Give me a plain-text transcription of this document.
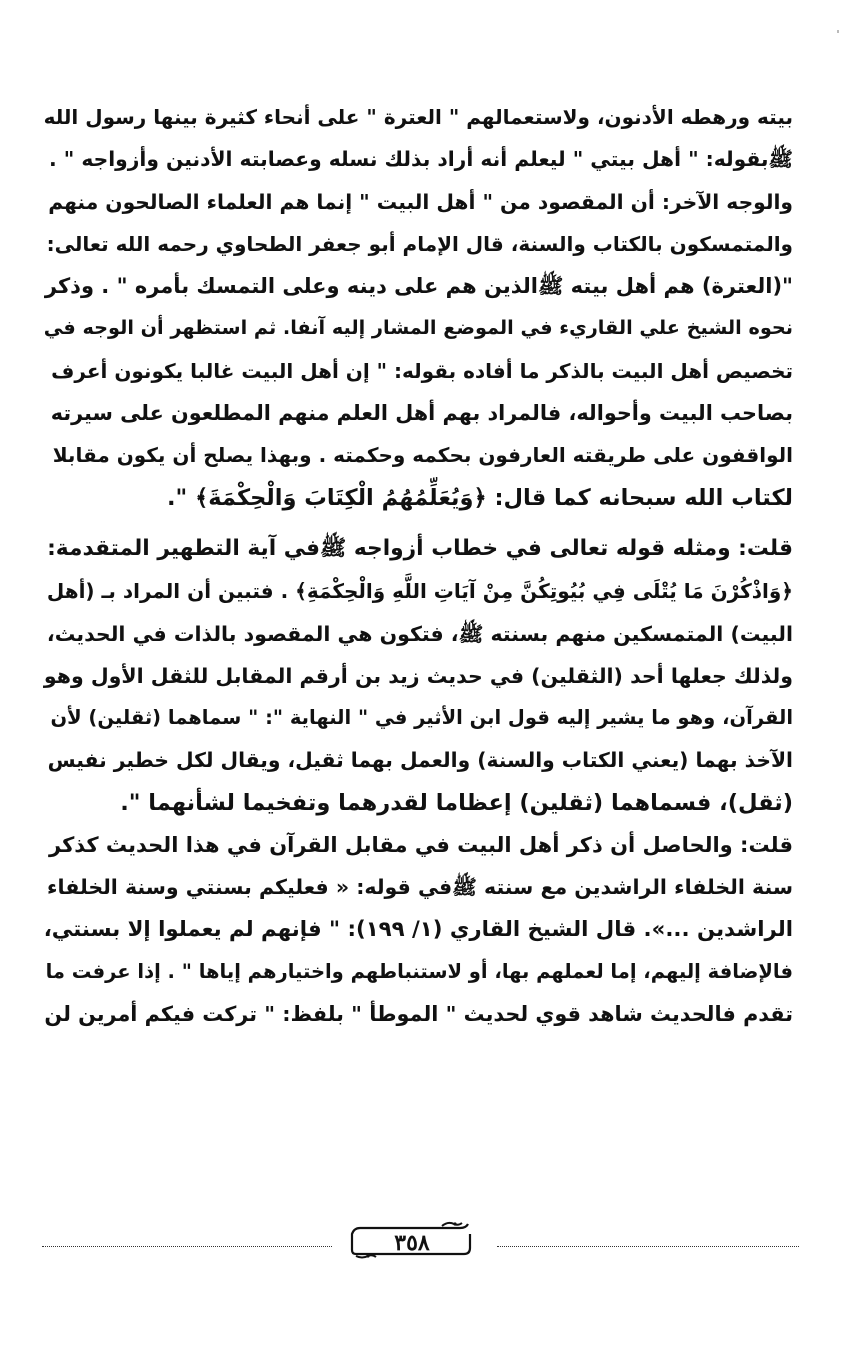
بيته ورهطه الأدنون، ولاستعمالهم " العترة " على أنحاء كثيرة بينها رسول الله
ﷺبقوله: " أهل بيتي " ليعلم أنه أراد بذلك نسله وعصابته الأدنين وأزواجه " .
والوجه الآخر: أن المقصود من " أهل البيت " إنما هم العلماء الصالحون منهم
والمتمسكون بالكتاب والسنة، قال الإمام أبو جعفر الطحاوي رحمه الله تعالى:
"(العترة) هم أهل بيته ﷺالذين هم على دينه وعلى التمسك بأمره " . وذكر
نحوه الشيخ علي القاريء في الموضع المشار إليه آنفا. ثم استظهر أن الوجه في
تخصيص أهل البيت بالذكر ما أفاده بقوله: " إن أهل البيت غالبا يكونون أعرف
بصاحب البيت وأحواله، فالمراد بهم أهل العلم منهم المطلعون على سيرته
الواقفون على طريقته العارفون بحكمه وحكمته . وبهذا يصلح أن يكون مقابلا
لكتاب الله سبحانه كما قال: ﴿وَيُعَلِّمُهُمُ الْكِتَابَ وَالْحِكْمَةَ﴾ ".
قلت: ومثله قوله تعالى في خطاب أزواجه ﷺفي آية التطهير المتقدمة:
﴿وَاذْكُرْنَ مَا يُتْلَى فِي بُيُوتِكُنَّ مِنْ آيَاتِ اللَّهِ وَالْحِكْمَةِ﴾ . فتبين أن المراد بـ (أهل
البيت) المتمسكين منهم بسنته ﷺ، فتكون هي المقصود بالذات في الحديث،
ولذلك جعلها أحد (الثقلين) في حديث زيد بن أرقم المقابل للثقل الأول وهو
القرآن، وهو ما يشير إليه قول ابن الأثير في " النهاية ": " سماهما (ثقلين) لأن
الآخذ بهما (يعني الكتاب والسنة) والعمل بهما ثقيل، ويقال لكل خطير نفيس
(ثقل)، فسماهما (ثقلين) إعظاما لقدرهما وتفخيما لشأنهما ".
قلت: والحاصل أن ذكر أهل البيت في مقابل القرآن في هذا الحديث كذكر
سنة الخلفاء الراشدين مع سنته ﷺفي قوله: « فعليكم بسنتي وسنة الخلفاء
الراشدين ...». قال الشيخ القاري (١/ ١٩٩): " فإنهم لم يعملوا إلا بسنتي،
فالإضافة إليهم، إما لعملهم بها، أو لاستنباطهم واختيارهم إياها " . إذا عرفت ما
تقدم فالحديث شاهد قوي لحديث " الموطأ " بلفظ: " تركت فيكم أمرين لن
٣٥٨
